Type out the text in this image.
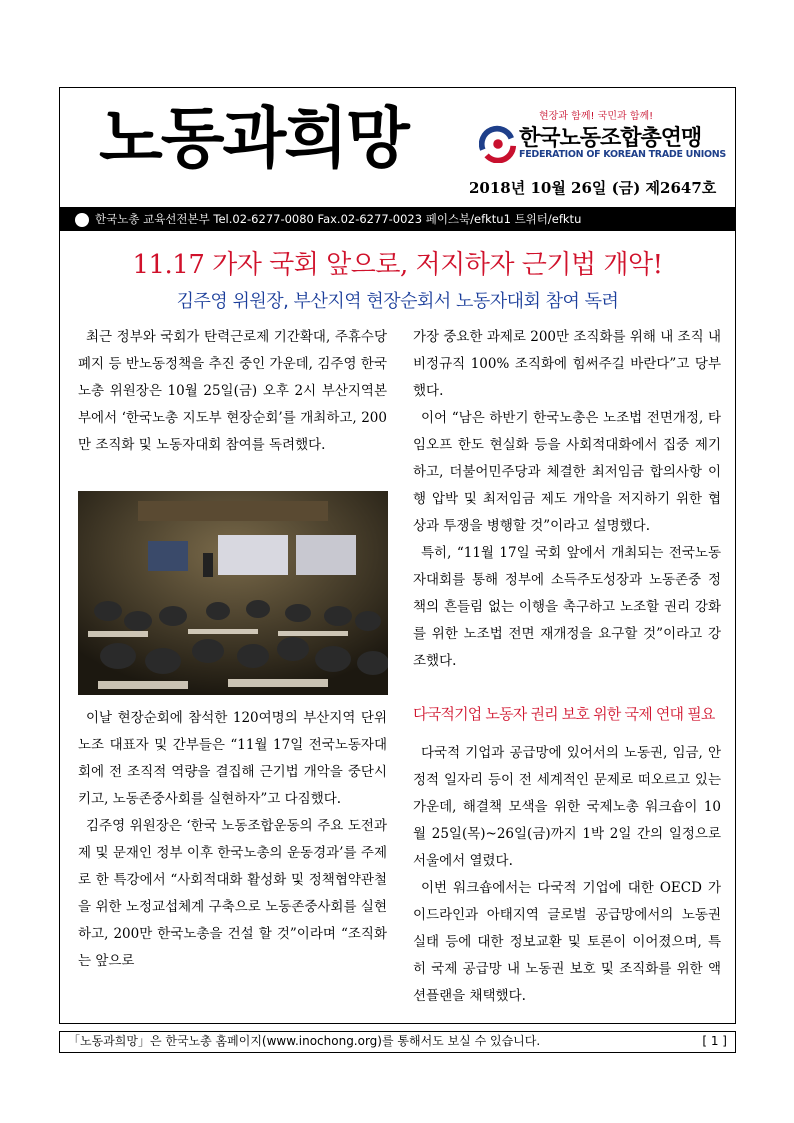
노동과희망	현장과 함께! 국민과 함께!
한국노동조합총연맹
FEDERATION OF KOREAN TRADE UNIONS
2018년 10월 26일 (금) 제2647호
한국노총 교육선전본부 Tel.02-6277-0080 Fax.02-6277-0023 페이스북/efktu1 트위터/efktu
11.17 가자 국회 앞으로, 저지하자 근기법 개악!
김주영 위원장, 부산지역 현장순회서 노동자대회 참여 독려

최근 정부와 국회가 탄력근로제 기간확대, 주휴수당 폐지 등 반노동정책을 추진 중인 가운데, 김주영 한국노총 위원장은 10월 25일(금) 오후 2시 부산지역본부에서 ‘한국노총 지도부 현장순회’를 개최하고, 200만 조직화 및 노동자대회 참여를 독려했다.

이날 현장순회에 참석한 120여명의 부산지역 단위노조 대표자 및 간부들은 “11월 17일 전국노동자대회에 전 조직적 역량을 결집해 근기법 개악을 중단시키고, 노동존중사회를 실현하자”고 다짐했다.

김주영 위원장은 ‘한국 노동조합운동의 주요 도전과제 및 문재인 정부 이후 한국노총의 운동경과’를 주제로 한 특강에서 “사회적대화 활성화 및 정책협약관철을 위한 노정교섭체계 구축으로 노동존중사회를 실현하고, 200만 한국노총을 건설 할 것”이라며 “조직화는 앞으로

가장 중요한 과제로 200만 조직화를 위해 내 조직 내 비정규직 100% 조직화에 힘써주길 바란다”고 당부했다.

이어 “남은 하반기 한국노총은 노조법 전면개정, 타임오프 한도 현실화 등을 사회적대화에서 집중 제기하고, 더불어민주당과 체결한 최저임금 합의사항 이행 압박 및 최저임금 제도 개악을 저지하기 위한 협상과 투쟁을 병행할 것”이라고 설명했다.

특히, “11월 17일 국회 앞에서 개최되는 전국노동자대회를 통해 정부에 소득주도성장과 노동존중 정책의 흔들림 없는 이행을 촉구하고 노조할 권리 강화를 위한 노조법 전면 재개정을 요구할 것”이라고 강조했다.

다국적기업 노동자 권리 보호 위한 국제 연대 필요

다국적 기업과 공급망에 있어서의 노동권, 임금, 안정적 일자리 등이 전 세계적인 문제로 떠오르고 있는 가운데, 해결책 모색을 위한 국제노총 워크숍이 10월 25일(목)~26일(금)까지 1박 2일 간의 일정으로 서울에서 열렸다.

이번 워크숍에서는 다국적 기업에 대한 OECD 가이드라인과 아태지역 글로벌 공급망에서의 노동권 실태 등에 대한 정보교환 및 토론이 이어졌으며, 특히 국제 공급망 내 노동권 보호 및 조직화를 위한 액션플랜을 채택했다.

「노동과희망」은 한국노총 홈페이지(www.inochong.org)를 통해서도 보실 수 있습니다.	[ 1 ]
